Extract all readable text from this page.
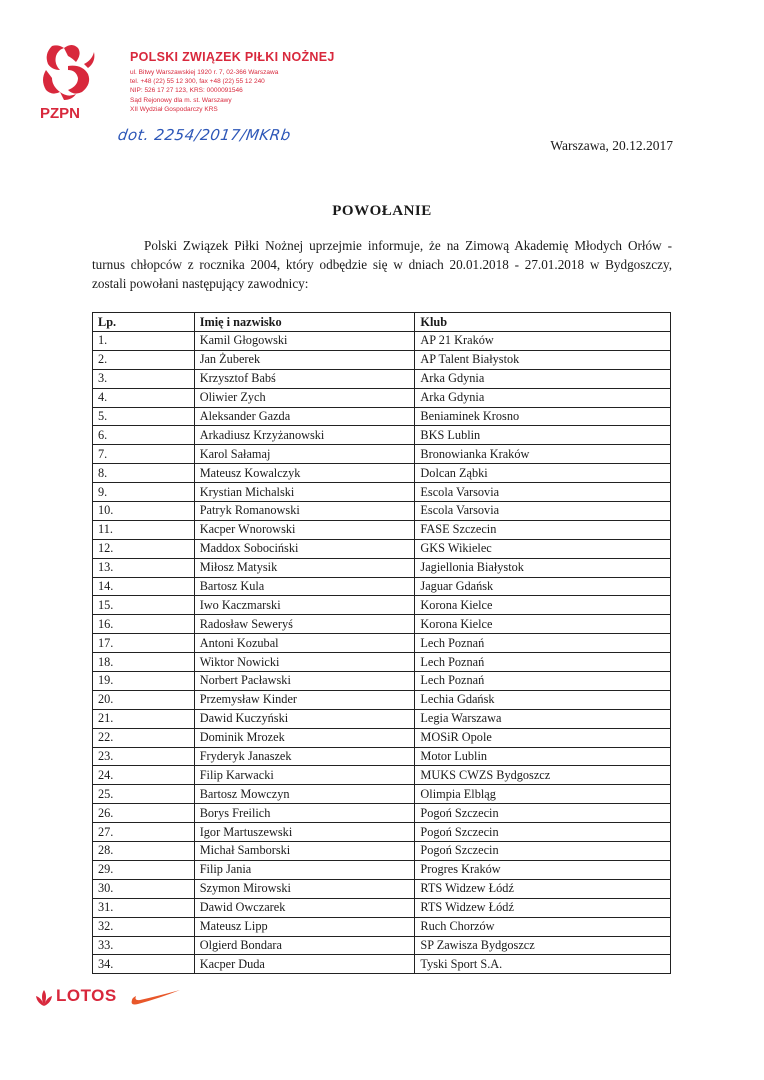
PZPN
POLSKI ZWIĄZEK PIŁKI NOŻNEJ
ul. Bitwy Warszawskiej 1920 r. 7, 02-366 Warszawa
tel. +48 (22) 55 12 300, fax +48 (22) 55 12 240
NIP: 526 17 27 123, KRS: 0000091546
Sąd Rejonowy dla m. st. Warszawy
XII Wydział Gospodarczy KRS
dot. 2254/2017/MKRb
Warszawa, 20.12.2017
POWOŁANIE
Polski Związek Piłki Nożnej uprzejmie informuje, że na Zimową Akademię Młodych Orłów - turnus chłopców z rocznika 2004, który odbędzie się w dniach 20.01.2018 - 27.01.2018 w Bydgoszczy, zostali powołani następujący zawodnicy:
Lp.	Imię i nazwisko	Klub
1.	Kamil Głogowski	AP 21 Kraków
2.	Jan Żuberek	AP Talent Białystok
3.	Krzysztof Babś	Arka Gdynia
4.	Oliwier Zych	Arka Gdynia
5.	Aleksander Gazda	Beniaminek Krosno
6.	Arkadiusz Krzyżanowski	BKS Lublin
7.	Karol Sałamaj	Bronowianka Kraków
8.	Mateusz Kowalczyk	Dolcan Ząbki
9.	Krystian Michalski	Escola Varsovia
10.	Patryk Romanowski	Escola Varsovia
11.	Kacper Wnorowski	FASE Szczecin
12.	Maddox Sobociński	GKS Wikielec
13.	Miłosz Matysik	Jagiellonia Białystok
14.	Bartosz Kula	Jaguar Gdańsk
15.	Iwo Kaczmarski	Korona Kielce
16.	Radosław Seweryś	Korona Kielce
17.	Antoni Kozubal	Lech Poznań
18.	Wiktor Nowicki	Lech Poznań
19.	Norbert Pacławski	Lech Poznań
20.	Przemysław Kinder	Lechia Gdańsk
21.	Dawid Kuczyński	Legia Warszawa
22.	Dominik Mrozek	MOSiR Opole
23.	Fryderyk Janaszek	Motor Lublin
24.	Filip Karwacki	MUKS CWZS Bydgoszcz
25.	Bartosz Mowczyn	Olimpia Elbląg
26.	Borys Freilich	Pogoń Szczecin
27.	Igor Martuszewski	Pogoń Szczecin
28.	Michał Samborski	Pogoń Szczecin
29.	Filip Jania	Progres Kraków
30.	Szymon Mirowski	RTS Widzew Łódź
31.	Dawid Owczarek	RTS Widzew Łódź
32.	Mateusz Lipp	Ruch Chorzów
33.	Olgierd Bondara	SP Zawisza Bydgoszcz
34.	Kacper Duda	Tyski Sport S.A.
LOTOS
